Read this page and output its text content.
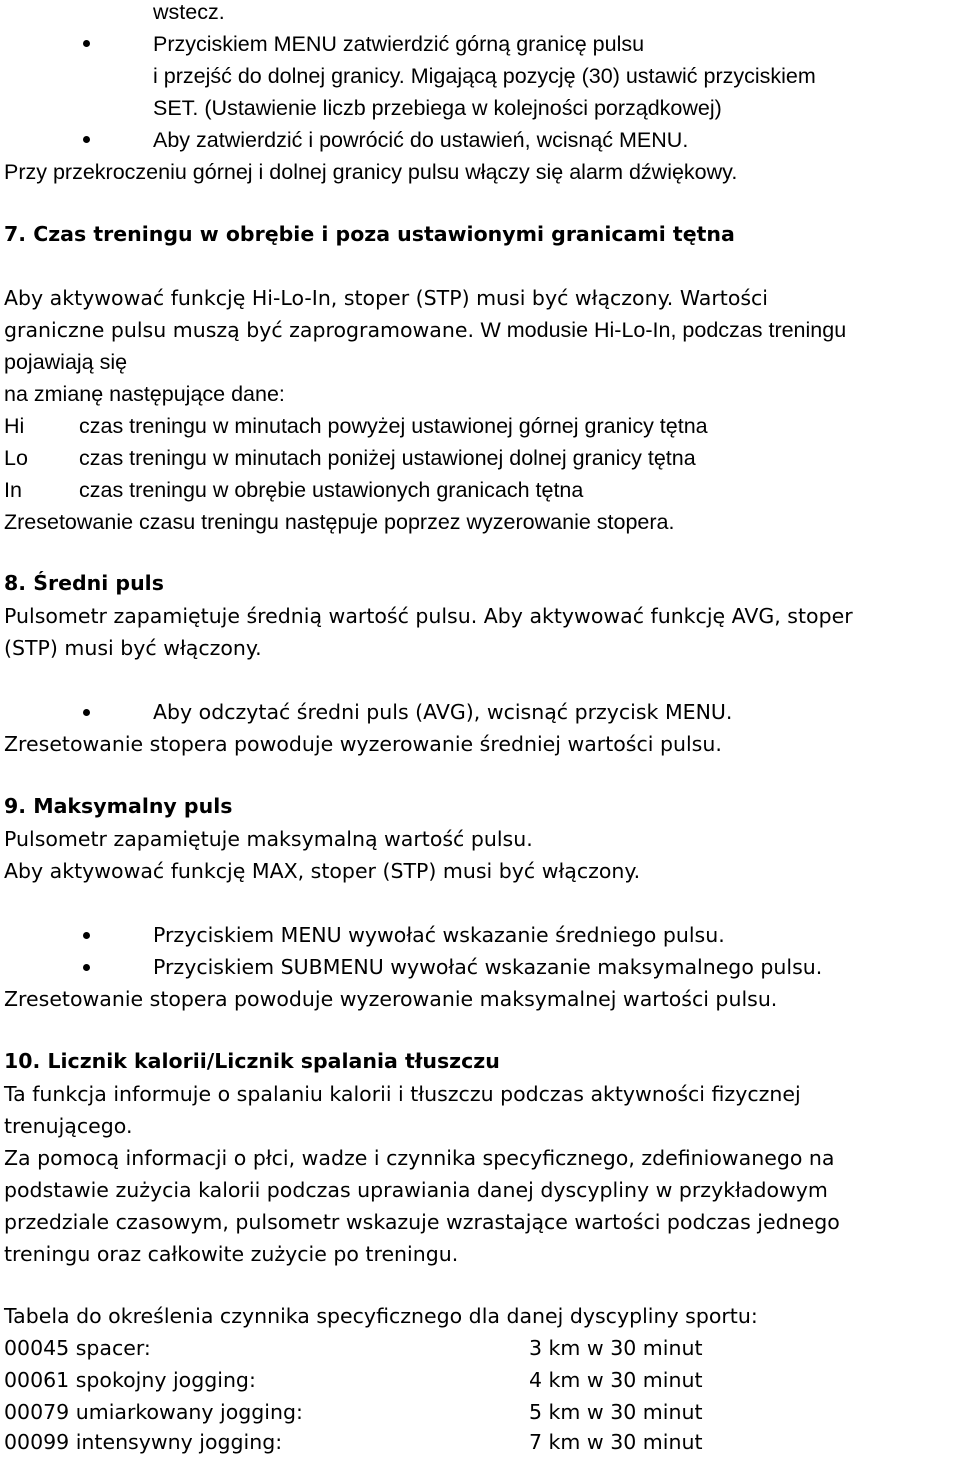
wstecz.
Przyciskiem MENU zatwierdzić górną granicę pulsu
i przejść do dolnej granicy. Migającą pozycję (30) ustawić przyciskiem
SET. (Ustawienie liczb przebiega w kolejności porządkowej)
Aby zatwierdzić i powrócić do ustawień, wcisnąć MENU.
Przy przekroczeniu górnej i dolnej granicy pulsu włączy się alarm dźwiękowy.
7. Czas treningu w obrębie i poza ustawionymi granicami tętna
Aby aktywować funkcję Hi-Lo-In, stoper (STP) musi być włączony. Wartości
graniczne pulsu muszą być zaprogramowane. W modusie Hi-Lo-In, podczas treningu
pojawiają się
na zmianę następujące dane:
Hi	czas treningu w minutach powyżej ustawionej górnej granicy tętna
Lo czas treningu w minutach poniżej ustawionej dolnej granicy tętna
In	czas treningu w obrębie ustawionych granicach tętna
Zresetowanie czasu treningu następuje poprzez wyzerowanie stopera.
8. Średni puls
Pulsometr zapamiętuje średnią wartość pulsu. Aby aktywować funkcję AVG, stoper
(STP) musi być włączony.
Aby odczytać średni puls (AVG), wcisnąć przycisk MENU.
Zresetowanie stopera powoduje wyzerowanie średniej wartości pulsu.
9. Maksymalny puls
Pulsometr zapamiętuje maksymalną wartość pulsu.
Aby aktywować funkcję MAX, stoper (STP) musi być włączony.
Przyciskiem MENU wywołać wskazanie średniego pulsu.
Przyciskiem SUBMENU wywołać wskazanie maksymalnego pulsu.
Zresetowanie stopera powoduje wyzerowanie maksymalnej wartości pulsu.
10. Licznik kalorii/Licznik spalania tłuszczu
Ta funkcja informuje o spalaniu kalorii i tłuszczu podczas aktywności fizycznej
trenującego.
Za pomocą informacji o płci, wadze i czynnika specyficznego, zdefiniowanego na
podstawie zużycia kalorii podczas uprawiania danej dyscypliny w przykładowym
przedziale czasowym, pulsometr wskazuje wzrastające wartości podczas jednego
treningu oraz całkowite zużycie po treningu.
Tabela do określenia czynnika specyficznego dla danej dyscypliny sportu:
00045 spacer:	3 km w 30 minut
00061 spokojny jogging:	4 km w 30 minut
00079 umiarkowany jogging:	5 km w 30 minut
00099 intensywny jogging:	7 km w 30 minut
